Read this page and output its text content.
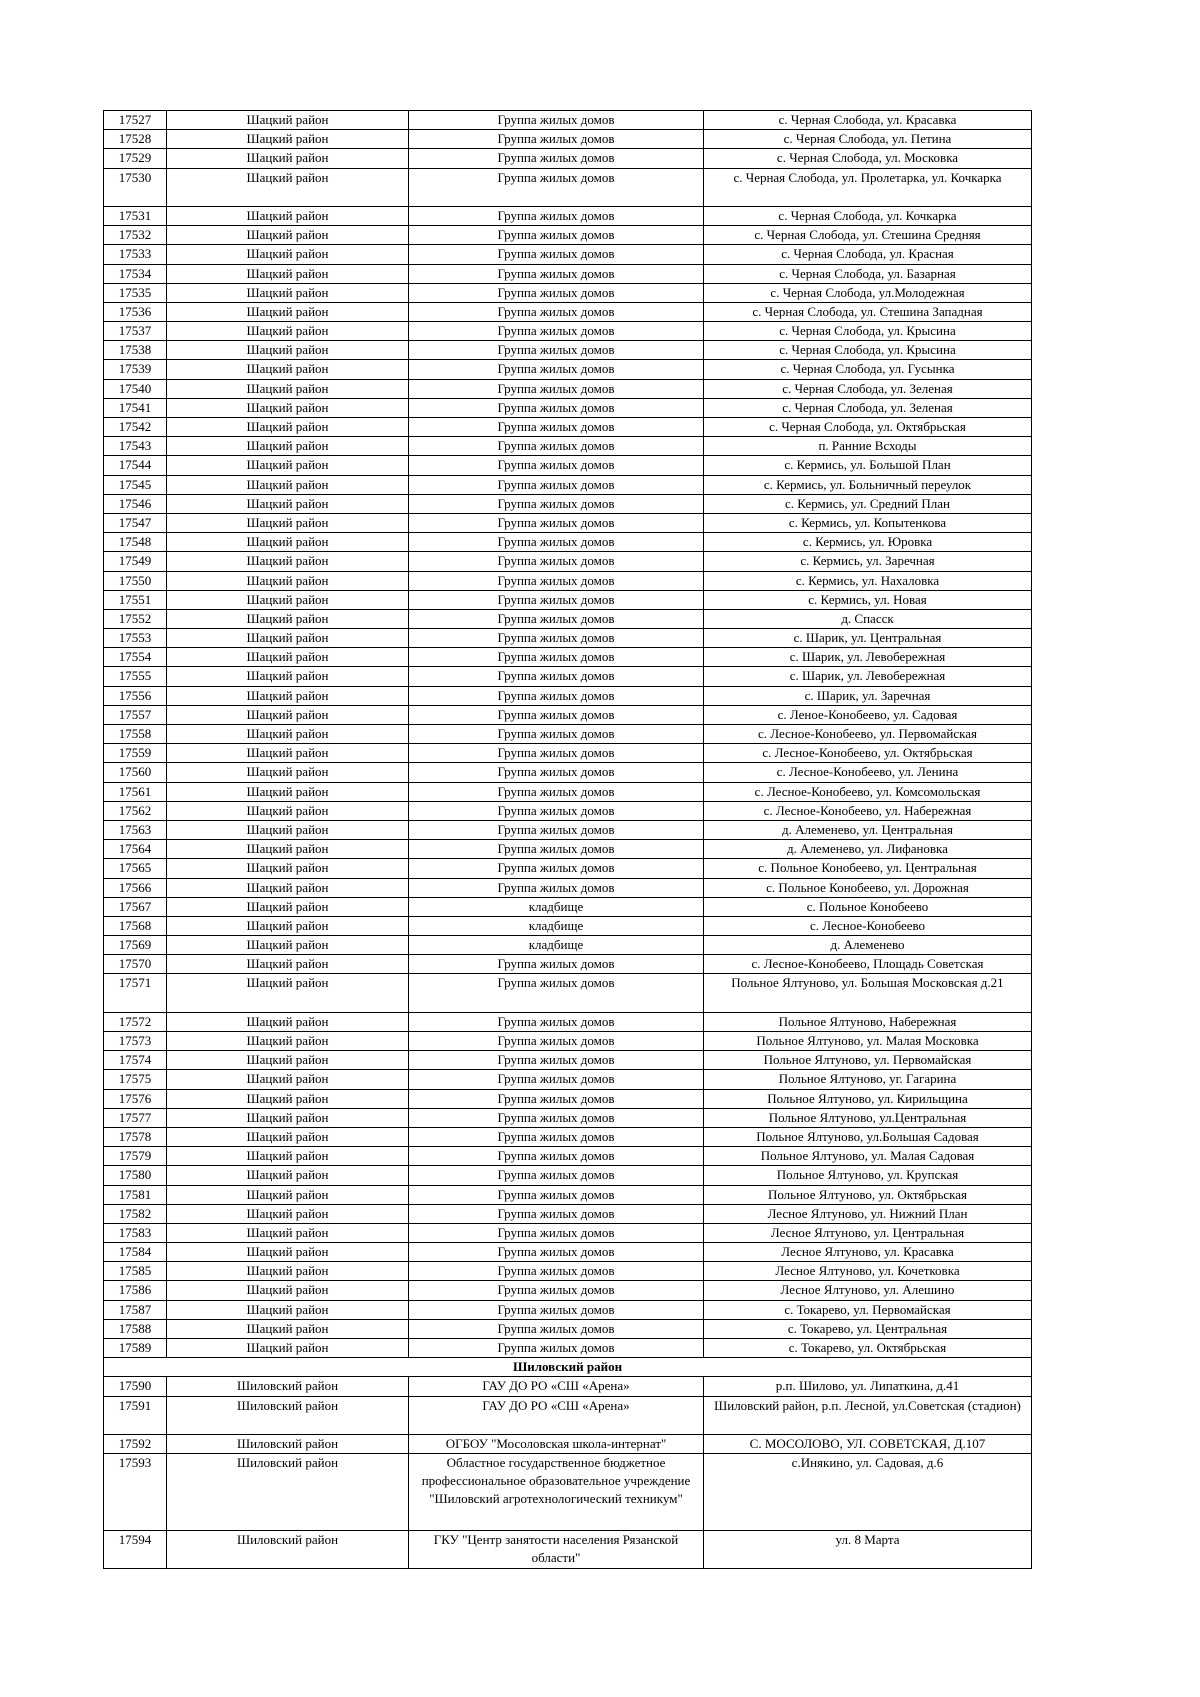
17527	Шацкий район	Группа жилых домов	с. Черная Слобода, ул. Красавка
17528	Шацкий район	Группа жилых домов	с. Черная Слобода, ул. Петина
17529	Шацкий район	Группа жилых домов	с. Черная Слобода, ул. Московка
17530	Шацкий район	Группа жилых домов	с. Черная Слобода, ул. Пролетарка, ул. Кочкарка
17531	Шацкий район	Группа жилых домов	с. Черная Слобода, ул. Кочкарка
17532	Шацкий район	Группа жилых домов	с. Черная Слобода, ул. Стешина Средняя
17533	Шацкий район	Группа жилых домов	с. Черная Слобода, ул. Красная
17534	Шацкий район	Группа жилых домов	с. Черная Слобода, ул. Базарная
17535	Шацкий район	Группа жилых домов	с. Черная Слобода, ул.Молодежная
17536	Шацкий район	Группа жилых домов	с. Черная Слобода, ул. Стешина Западная
17537	Шацкий район	Группа жилых домов	с. Черная Слобода, ул. Крысина
17538	Шацкий район	Группа жилых домов	с. Черная Слобода, ул. Крысина
17539	Шацкий район	Группа жилых домов	с. Черная Слобода, ул. Гусынка
17540	Шацкий район	Группа жилых домов	с. Черная Слобода, ул. Зеленая
17541	Шацкий район	Группа жилых домов	с. Черная Слобода, ул. Зеленая
17542	Шацкий район	Группа жилых домов	с. Черная Слобода, ул. Октябрьская
17543	Шацкий район	Группа жилых домов	п. Ранние Всходы
17544	Шацкий район	Группа жилых домов	с. Кермись, ул. Большой План
17545	Шацкий район	Группа жилых домов	с. Кермись, ул. Больничный переулок
17546	Шацкий район	Группа жилых домов	с. Кермись, ул. Средний План
17547	Шацкий район	Группа жилых домов	с. Кермись, ул. Копытенкова
17548	Шацкий район	Группа жилых домов	с. Кермись, ул. Юровка
17549	Шацкий район	Группа жилых домов	с. Кермись, ул. Заречная
17550	Шацкий район	Группа жилых домов	с. Кермись, ул. Нахаловка
17551	Шацкий район	Группа жилых домов	с. Кермись, ул. Новая
17552	Шацкий район	Группа жилых домов	д. Спасск
17553	Шацкий район	Группа жилых домов	с. Шарик, ул. Центральная
17554	Шацкий район	Группа жилых домов	с. Шарик, ул. Левобережная
17555	Шацкий район	Группа жилых домов	с. Шарик, ул. Левобережная
17556	Шацкий район	Группа жилых домов	с. Шарик, ул. Заречная
17557	Шацкий район	Группа жилых домов	с. Леное-Конобеево, ул. Садовая
17558	Шацкий район	Группа жилых домов	с. Лесное-Конобеево, ул. Первомайская
17559	Шацкий район	Группа жилых домов	с. Лесное-Конобеево, ул. Октябрьская
17560	Шацкий район	Группа жилых домов	с. Лесное-Конобеево, ул. Ленина
17561	Шацкий район	Группа жилых домов	с. Лесное-Конобеево, ул. Комсомольская
17562	Шацкий район	Группа жилых домов	с. Лесное-Конобеево, ул. Набережная
17563	Шацкий район	Группа жилых домов	д. Алеменево, ул. Центральная
17564	Шацкий район	Группа жилых домов	д. Алеменево, ул. Лифановка
17565	Шацкий район	Группа жилых домов	с. Польное Конобеево, ул. Центральная
17566	Шацкий район	Группа жилых домов	с. Польное Конобеево, ул. Дорожная
17567	Шацкий район	кладбище	с. Польное Конобеево
17568	Шацкий район	кладбище	с. Лесное-Конобеево
17569	Шацкий район	кладбище	д. Алеменево
17570	Шацкий район	Группа жилых домов	с. Лесное-Конобеево, Площадь Советская
17571	Шацкий район	Группа жилых домов	Польное Ялтуново, ул. Большая Московская д.21
17572	Шацкий район	Группа жилых домов	Польное Ялтуново, Набережная
17573	Шацкий район	Группа жилых домов	Польное Ялтуново, ул. Малая Московка
17574	Шацкий район	Группа жилых домов	Польное Ялтуново, ул. Первомайская
17575	Шацкий район	Группа жилых домов	Польное Ялтуново, уг. Гагарина
17576	Шацкий район	Группа жилых домов	Польное Ялтуново, ул. Кирильщина
17577	Шацкий район	Группа жилых домов	Польное Ялтуново, ул.Центральная
17578	Шацкий район	Группа жилых домов	Польное Ялтуново, ул.Большая Садовая
17579	Шацкий район	Группа жилых домов	Польное Ялтуново, ул. Малая Садовая
17580	Шацкий район	Группа жилых домов	Польное Ялтуново, ул. Крупская
17581	Шацкий район	Группа жилых домов	Польное Ялтуново, ул. Октябрьская
17582	Шацкий район	Группа жилых домов	Лесное Ялтуново, ул. Нижний План
17583	Шацкий район	Группа жилых домов	Лесное Ялтуново, ул. Центральная
17584	Шацкий район	Группа жилых домов	Лесное Ялтуново, ул. Красавка
17585	Шацкий район	Группа жилых домов	Лесное Ялтуново, ул. Кочетковка
17586	Шацкий район	Группа жилых домов	Лесное Ялтуново, ул. Алешино
17587	Шацкий район	Группа жилых домов	с. Токарево, ул. Первомайская
17588	Шацкий район	Группа жилых домов	с. Токарево, ул. Центральная
17589	Шацкий район	Группа жилых домов	с. Токарево, ул. Октябрьская
Шиловский район			
17590	Шиловский район	ГАУ ДО РО «СШ «Арена»	р.п. Шилово, ул. Липаткина, д.41
17591	Шиловский район	ГАУ ДО РО «СШ «Арена»	Шиловский район, р.п. Лесной, ул.Советская (стадион)
17592	Шиловский район	ОГБОУ "Мосоловская школа-интернат"	С. МОСОЛОВО, УЛ. СОВЕТСКАЯ, Д.107
17593	Шиловский район	Областное государственное бюджетное профессиональное образовательное учреждение "Шиловский агротехнологический техникум"	с.Инякино, ул. Садовая, д.6
17594	Шиловский район	ГКУ "Центр занятости населения Рязанской области"	ул. 8 Марта
